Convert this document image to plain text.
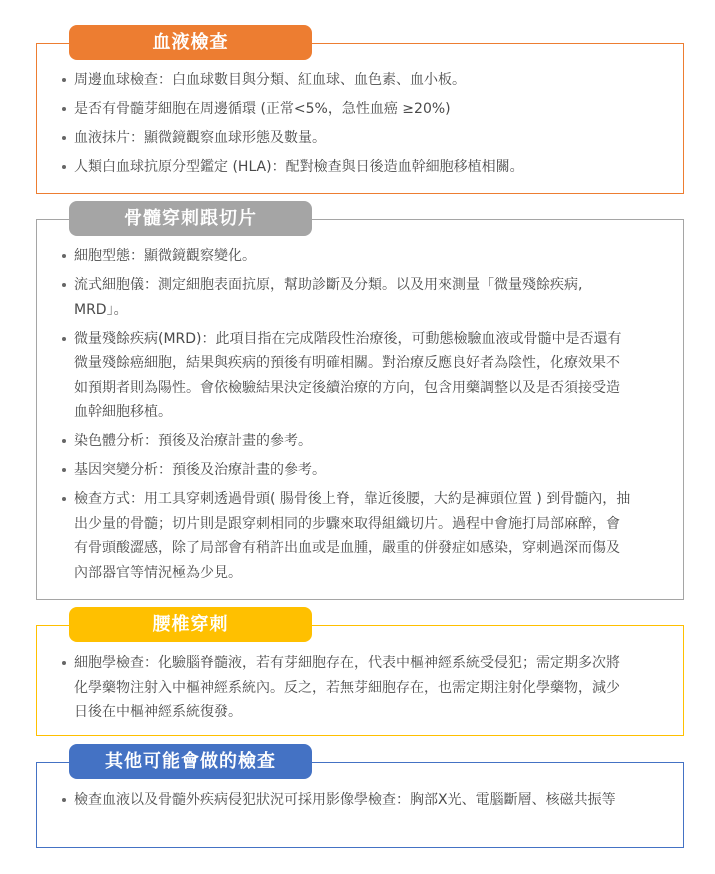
血液檢查
周邊血球檢查：白血球數目與分類、紅血球、血色素、血小板。
是否有骨髓芽細胞在周邊循環 (正常<5%，急性血癌 ≥20%)
血液抹片：顯微鏡觀察血球形態及數量。
人類白血球抗原分型鑑定 (HLA)：配對檢查與日後造血幹細胞移植相關。
骨髓穿刺跟切片
細胞型態：顯微鏡觀察變化。
流式細胞儀：測定細胞表面抗原，幫助診斷及分類。以及用來測量「微量殘餘疾病, MRD」。
微量殘餘疾病(MRD)：此項目指在完成階段性治療後，可動態檢驗血液或骨髓中是否還有微量殘餘癌細胞，結果與疾病的預後有明確相關。對治療反應良好者為陰性，化療效果不如預期者則為陽性。會依檢驗結果決定後續治療的方向，包含用藥調整以及是否須接受造血幹細胞移植。
染色體分析：預後及治療計畫的參考。
基因突變分析：預後及治療計畫的參考。
檢查方式：用工具穿刺透過骨頭( 腸骨後上脊，靠近後腰，大約是褲頭位置 ) 到骨髓內，抽出少量的骨髓；切片則是跟穿刺相同的步驟來取得組織切片。過程中會施打局部麻醉，會有骨頭酸澀感，除了局部會有稍許出血或是血腫，嚴重的併發症如感染，穿刺過深而傷及內部器官等情況極為少見。
腰椎穿刺
細胞學檢查：化驗腦脊髓液，若有芽細胞存在，代表中樞神經系統受侵犯；需定期多次將化學藥物注射入中樞神經系統內。反之，若無芽細胞存在，也需定期注射化學藥物，減少日後在中樞神經系統復發。
其他可能會做的檢查
檢查血液以及骨髓外疾病侵犯狀況可採用影像學檢查：胸部X光、電腦斷層、核磁共振等
